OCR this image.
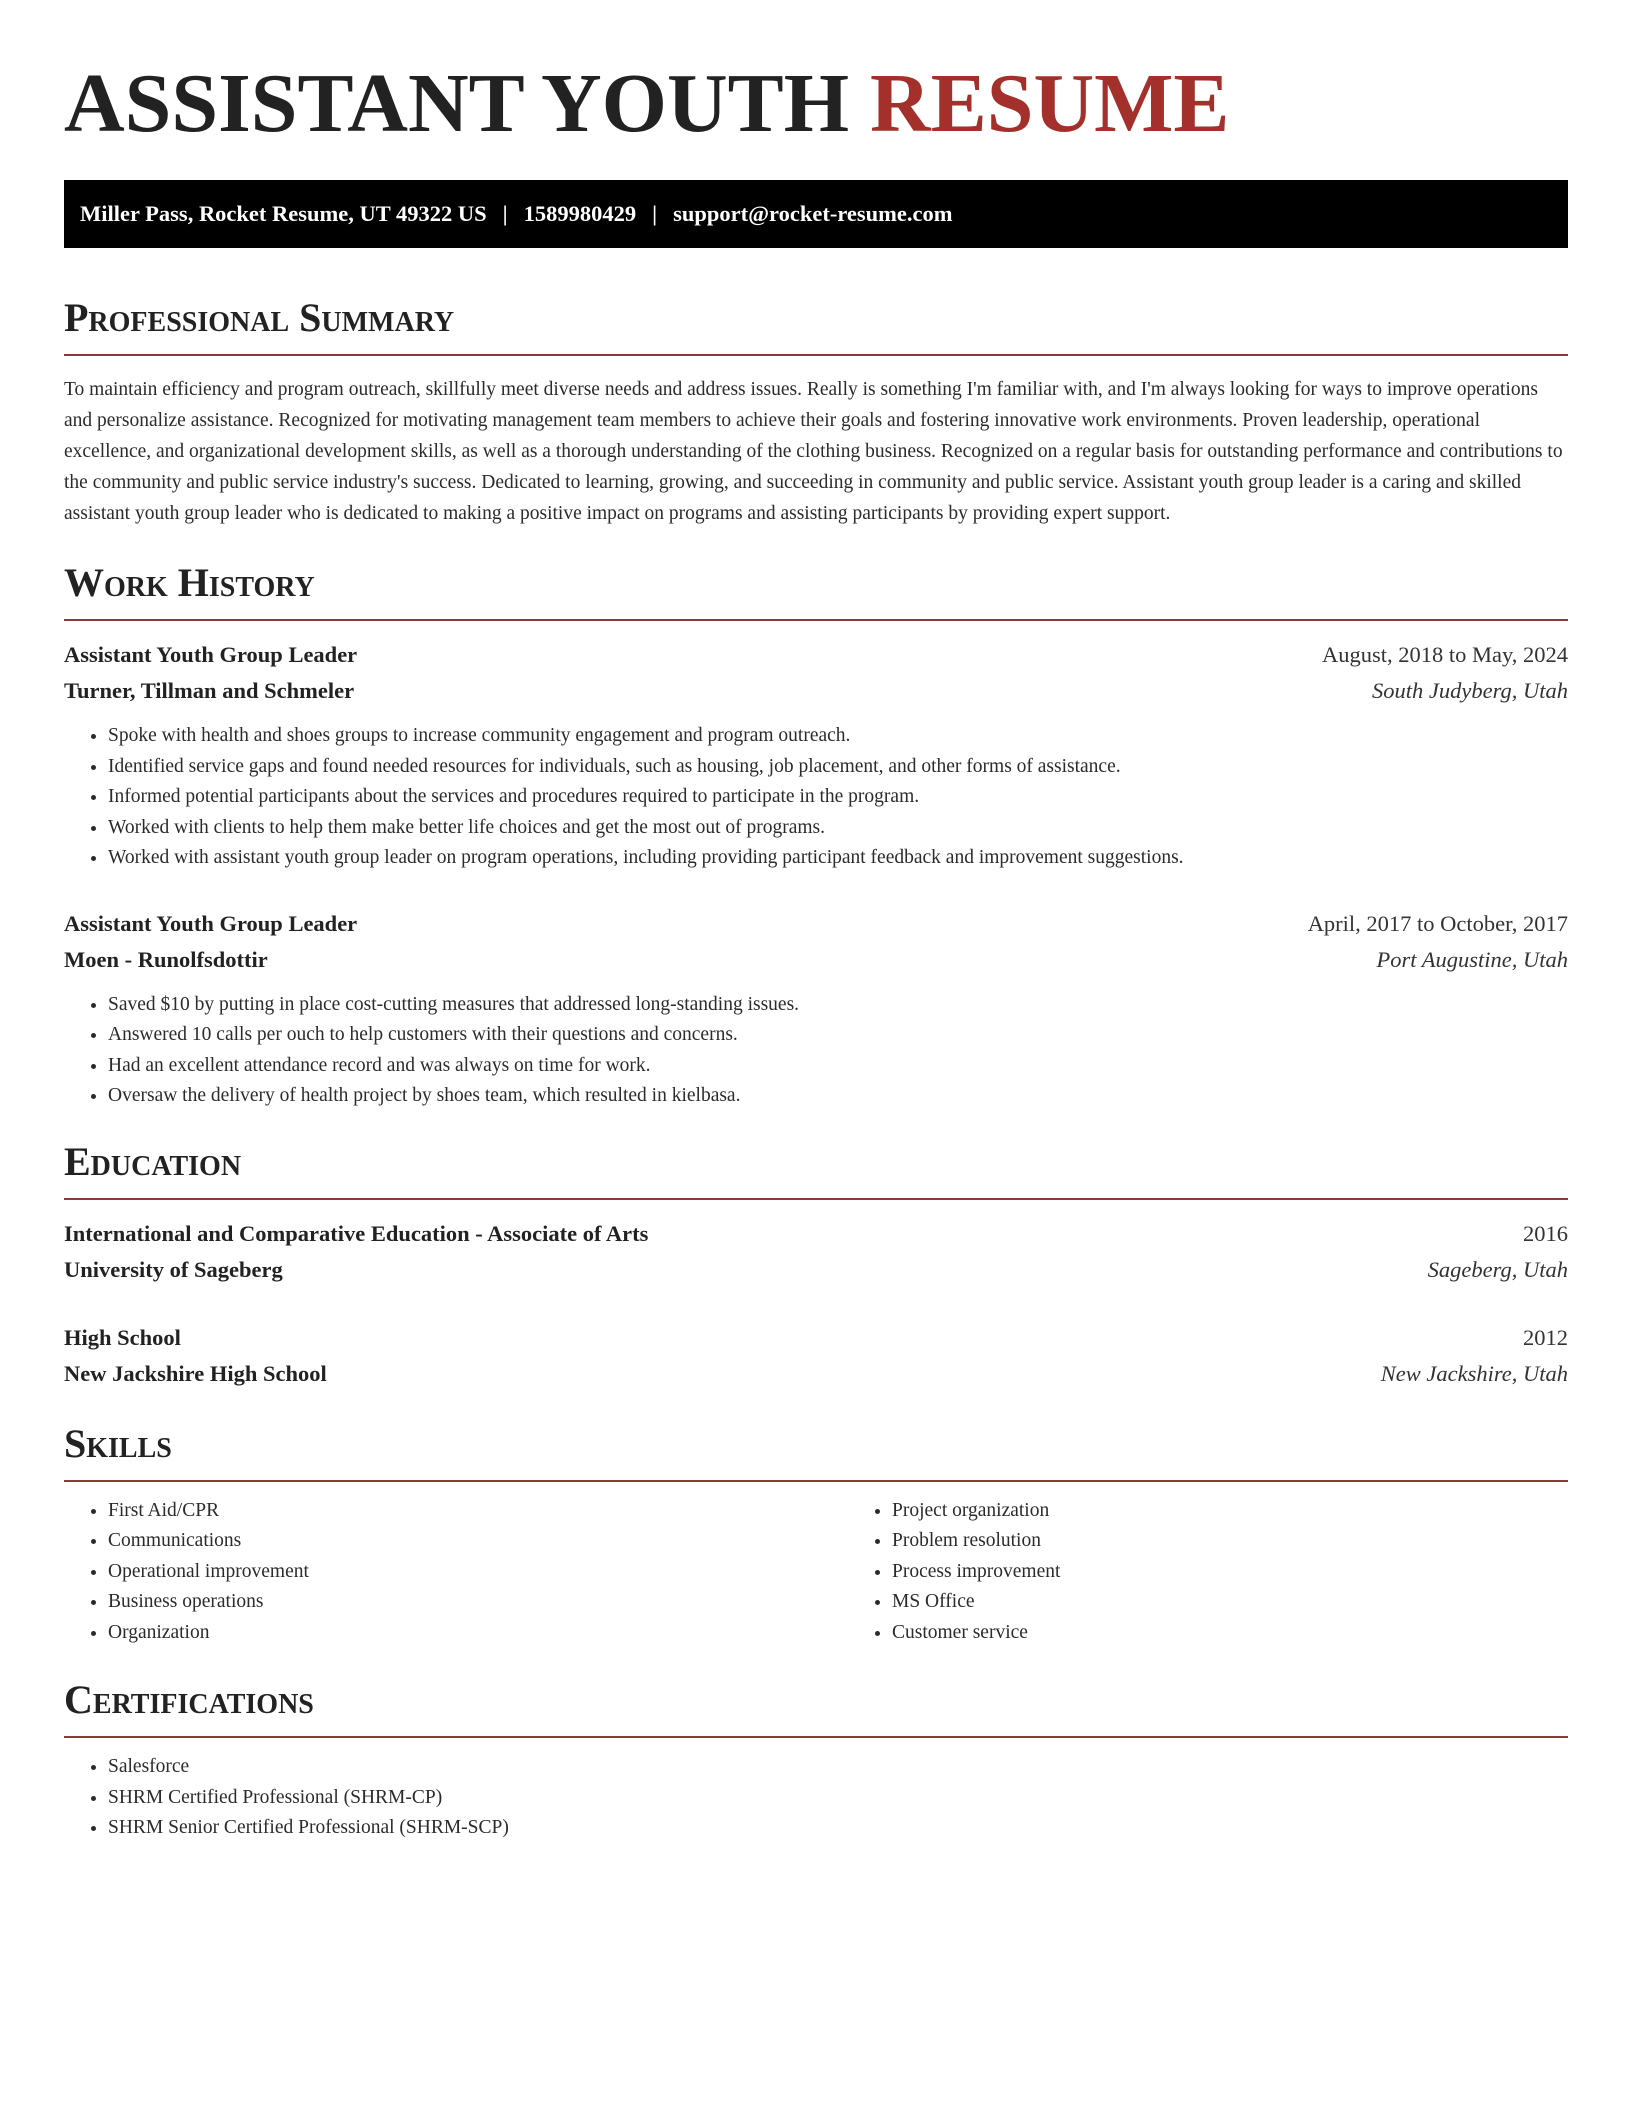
ASSISTANT YOUTH RESUME
Miller Pass, Rocket Resume, UT 49322 US | 1589980429 | support@rocket-resume.com
Professional Summary

To maintain efficiency and program outreach, skillfully meet diverse needs and address issues. Really is something I'm familiar with, and I'm always looking for ways to improve operations and personalize assistance. Recognized for motivating management team members to achieve their goals and fostering innovative work environments. Proven leadership, operational excellence, and organizational development skills, as well as a thorough understanding of the clothing business. Recognized on a regular basis for outstanding performance and contributions to the community and public service industry's success. Dedicated to learning, growing, and succeeding in community and public service. Assistant youth group leader is a caring and skilled assistant youth group leader who is dedicated to making a positive impact on programs and assisting participants by providing expert support.

Work History
Assistant Youth Group Leader	August, 2018 to May, 2024
Turner, Tillman and Schmeler	South Judyberg, Utah
• Spoke with health and shoes groups to increase community engagement and program outreach.
• Identified service gaps and found needed resources for individuals, such as housing, job placement, and other forms of assistance.
• Informed potential participants about the services and procedures required to participate in the program.
• Worked with clients to help them make better life choices and get the most out of programs.
• Worked with assistant youth group leader on program operations, including providing participant feedback and improvement suggestions.
Assistant Youth Group Leader	April, 2017 to October, 2017
Moen - Runolfsdottir	Port Augustine, Utah
• Saved $10 by putting in place cost-cutting measures that addressed long-standing issues.
• Answered 10 calls per ouch to help customers with their questions and concerns.
• Had an excellent attendance record and was always on time for work.
• Oversaw the delivery of health project by shoes team, which resulted in kielbasa.
Education
International and Comparative Education - Associate of Arts	2016
University of Sageberg	Sageberg, Utah
High School	2012
New Jackshire High School	New Jackshire, Utah
Skills
• First Aid/CPR
• Communications
• Operational improvement
• Business operations
• Organization
• Project organization
• Problem resolution
• Process improvement
• MS Office
• Customer service
Certifications
• Salesforce
• SHRM Certified Professional (SHRM-CP)
• SHRM Senior Certified Professional (SHRM-SCP)
